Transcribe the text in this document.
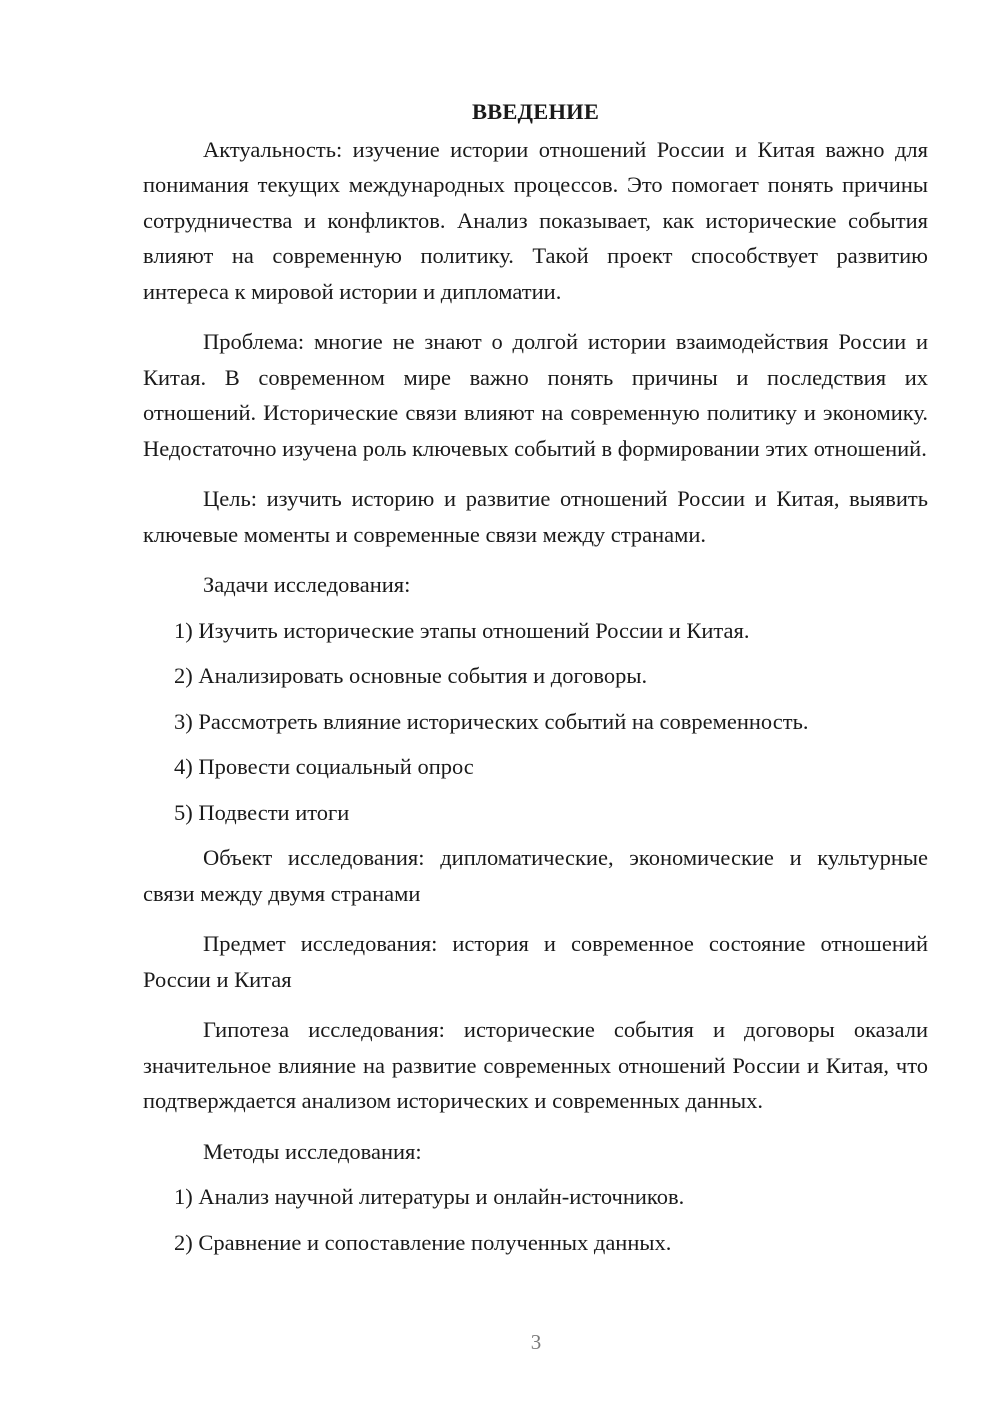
ВВЕДЕНИЕ

Актуальность: изучение истории отношений России и Китая важно для понимания текущих международных процессов. Это помогает понять причины сотрудничества и конфликтов. Анализ показывает, как исторические события влияют на современную политику. Такой проект способствует развитию интереса к мировой истории и дипломатии.

Проблема: многие не знают о долгой истории взаимодействия России и Китая. В современном мире важно понять причины и последствия их отношений. Исторические связи влияют на современную политику и экономику. Недостаточно изучена роль ключевых событий в формировании этих отношений.

Цель: изучить историю и развитие отношений России и Китая, выявить ключевые моменты и современные связи между странами.

Задачи исследования:

1) Изучить исторические этапы отношений России и Китая.
2) Анализировать основные события и договоры.
3) Рассмотреть влияние исторических событий на современность.
4) Провести социальный опрос
5) Подвести итоги

Объект исследования: дипломатические, экономические и культурные связи между двумя странами

Предмет исследования: история и современное состояние отношений России и Китая

Гипотеза исследования: исторические события и договоры оказали значительное влияние на развитие современных отношений России и Китая, что подтверждается анализом исторических и современных данных.

Методы исследования:

1) Анализ научной литературы и онлайн-источников.
2) Сравнение и сопоставление полученных данных.
3
